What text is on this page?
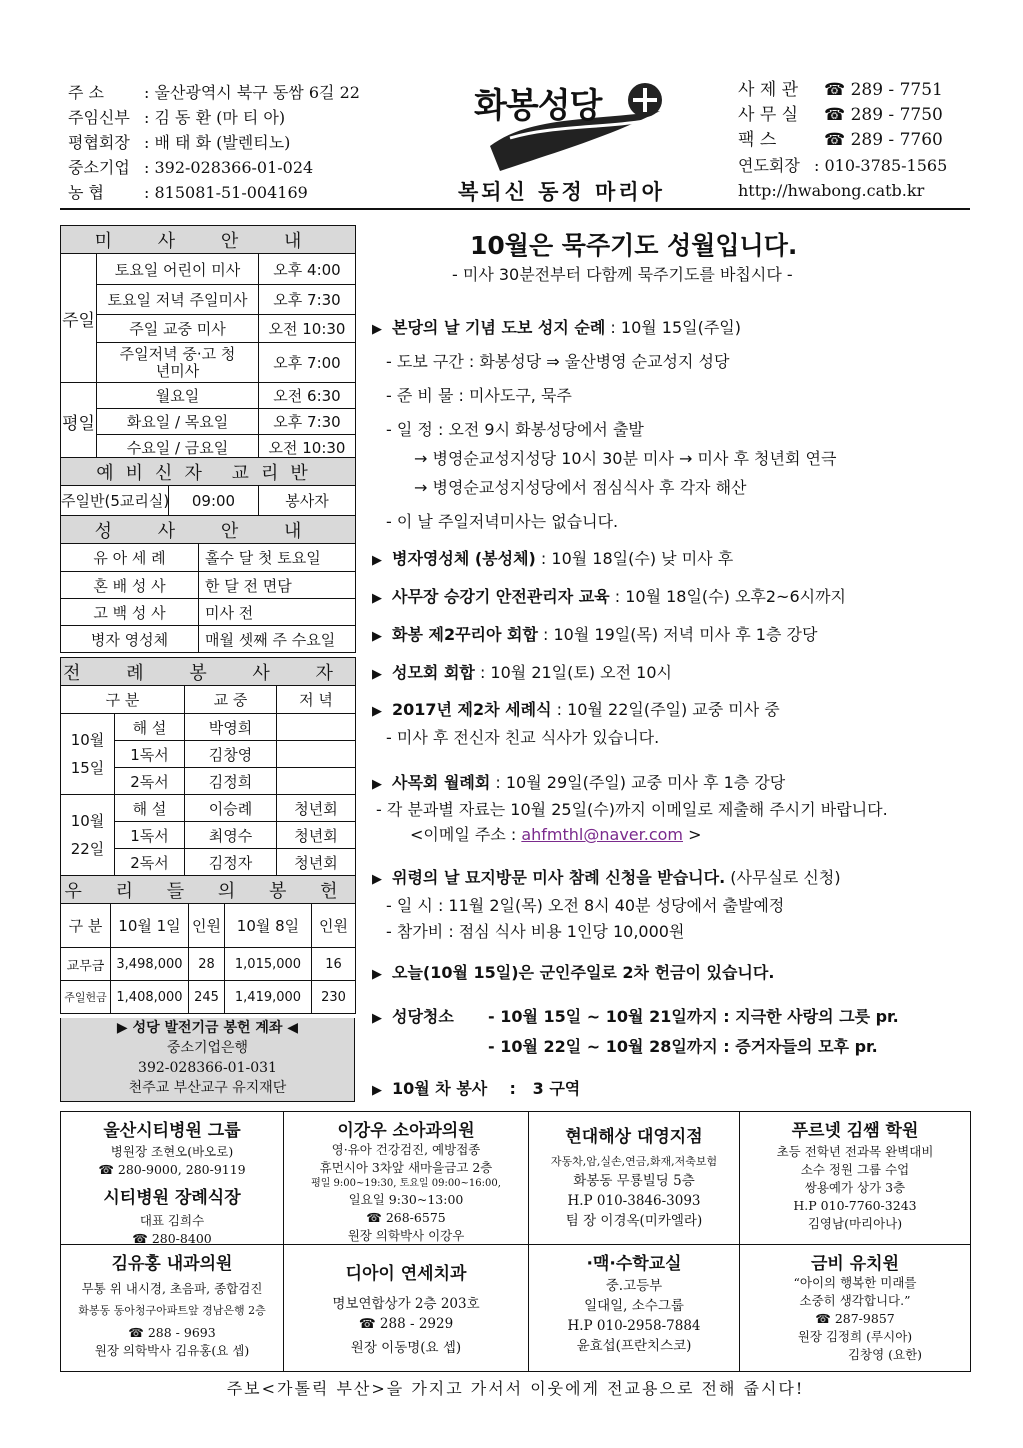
주 소	: 울산광역시 북구 동쌈 6길 22
주임신부 : 김 동 환 (마 티 아)
평협회장 : 배 태 화 (발렌티노)
중소기업 : 392-028366-01-024
농 협	: 815081-51-004169
화봉성당
복되신 동정 마리아
사 제 관 ☎ 289 - 7751
사 무 실 ☎ 289 - 7750
팩 스	☎ 289 - 7760
연도회장 : 010-3785-1565
http://hwabong.catb.kr
미 사 안 내		
주일	토요일 어린이 미사	오후 4:00
	토요일 저녁 주일미사	오후 7:30
	주일 교중 미사	오전 10:30
	주일저녁 중·고 청년미사	오후 7:00
평일	월요일	오전 6:30
	화요일 / 목요일	오후 7:30
	수요일 / 금요일	오전 10:30
예비신자 교리반
주일반(5교리실)	09:00	봉사자
성 사 안 내	
유 아 세 례	홀수 달 첫 토요일
혼 배 성 사	한 달 전 면담
고 백 성 사	미사 전
병자 영성체	매월 셋째 주 수요일
전 례 봉 사 자			
구 분		교 중	저 녁
10월 15일	해 설	박영희	
	1독서	김창영	
	2독서	김정희	
10월 22일	해 설	이승례	청년회
	1독서	최영수	청년회
	2독서	김정자	청년회
우 리 들 의 봉 헌				
구 분	10월 1일	인원	10월 8일	인원
교무금	3,498,000	28	1,015,000	16
주일헌금	1,408,000	245	1,419,000	230
▶ 성당 발전기금 봉헌 계좌 ◀
중소기업은행
392-028366-01-031
천주교 부산교구 유지재단
10월은 묵주기도 성월입니다.
- 미사 30분전부터 다함께 묵주기도를 바칩시다 -
▶ 본당의 날 기념 도보 성지 순례 : 10월 15일(주일)
- 도보 구간 : 화봉성당 ⇒ 울산병영 순교성지 성당
- 준 비 물 : 미사도구, 묵주
- 일 정 : 오전 9시 화봉성당에서 출발
→ 병영순교성지성당 10시 30분 미사 → 미사 후 청년회 연극
→ 병영순교성지성당에서 점심식사 후 각자 해산
- 이 날 주일저녁미사는 없습니다.
▶ 병자영성체 (봉성체) : 10월 18일(수) 낮 미사 후
▶ 사무장 승강기 안전관리자 교육 : 10월 18일(수) 오후2~6시까지
▶ 화봉 제2꾸리아 회합 : 10월 19일(목) 저녁 미사 후 1층 강당
▶ 성모회 회합 : 10월 21일(토) 오전 10시
▶ 2017년 제2차 세례식 : 10월 22일(주일) 교중 미사 중
- 미사 후 전신자 친교 식사가 있습니다.
▶ 사목회 월례회 : 10월 29일(주일) 교중 미사 후 1층 강당
- 각 분과별 자료는 10월 25일(수)까지 이메일로 제출해 주시기 바랍니다.
<이메일 주소 : ahfmthl@naver.com >
▶ 위령의 날 묘지방문 미사 참례 신청을 받습니다. (사무실로 신청)
- 일 시 : 11월 2일(목) 오전 8시 40분 성당에서 출발예정
- 참가비 : 점심 식사 비용 1인당 10,000원
▶ 오늘(10월 15일)은 군인주일로 2차 헌금이 있습니다.
▶ 성당청소 - 10월 15일 ~ 10월 21일까지 : 지극한 사랑의 그릇 pr.
- 10월 22일 ~ 10월 28일까지 : 증거자들의 모후 pr.
▶ 10월 차 봉사    :   3 구역
울산시티병원 그룹
병원장 조현오(바오로)
☎ 280-9000, 280-9119
시티병원 장례식장
대표 김희수
☎ 280-8400
이강우 소아과의원
영·유아 건강검진, 예방접종
휴먼시아 3차앞 새마을금고 2층
평일 9:00~19:30, 토요일 09:00~16:00,
일요일 9:30~13:00
☎ 268-6575
원장 의학박사 이강우
현대해상 대영지점
자동차,암,실손,연금,화재,저축보험
화봉동 무룡빌딩 5층
H.P 010-3846-3093
팀 장 이경옥(미카엘라)
푸르넷 김쌤 학원
초등 전학년 전과목 완벽대비
소수 정원 그룹 수업
쌍용예가 상가 3층
H.P 010-7760-3243
김영남(마리아나)
김유홍 내과의원
무통 위 내시경, 초음파, 종합검진
화봉동 동아청구아파트앞 경남은행 2층
☎ 288 - 9693
원장 의학박사 김유홍(요 셉)
디아이 연세치과
명보연합상가 2층 203호
☎ 288 - 2929
원장 이동명(요 셉)
·맥·수학교실
중.고등부
일대일, 소수그룹
H.P 010-2958-7884
윤효섭(프란치스코)
금비 유치원
“아이의 행복한 미래를
소중히 생각합니다.”
☎ 287-9857
원장 김정희 (루시아)
김창영 (요한)
주보<가톨릭 부산>을 가지고 가서서 이웃에게 전교용으로 전해 줍시다!
